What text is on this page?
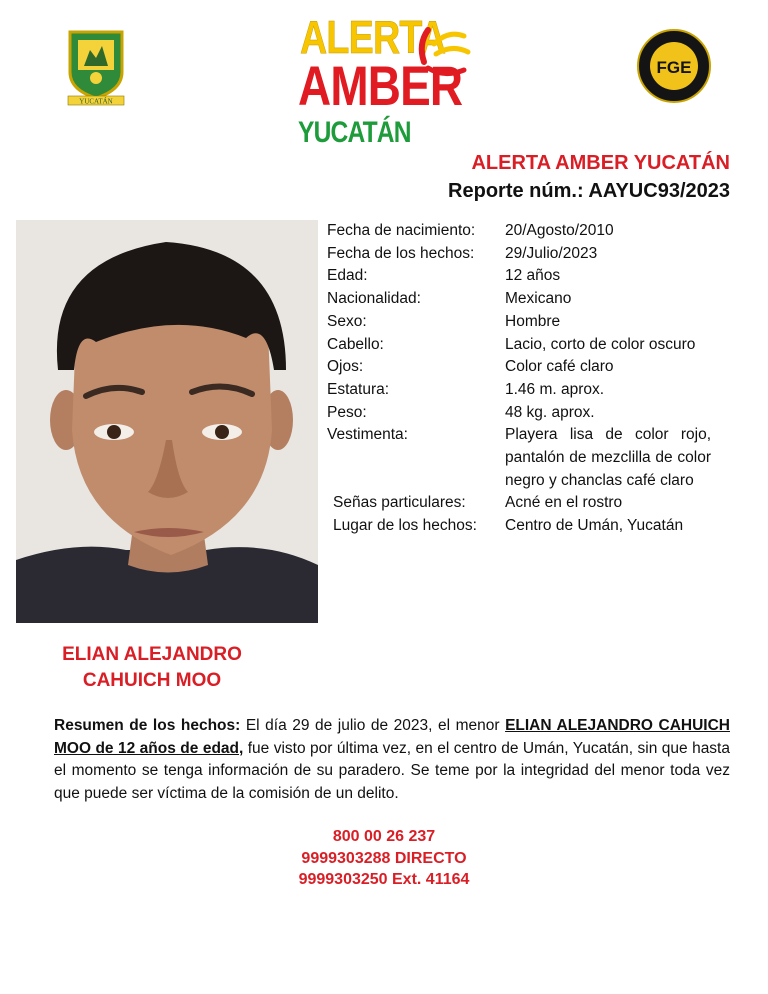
YUCATÁN
ALERTA
AMBER
YUCATÁN
FGE
ALERTA AMBER YUCATÁN
Reporte núm.: AAYUC93/2023
Fecha de nacimiento:	20/Agosto/2010
Fecha de los hechos:	29/Julio/2023
Edad:	12 años
Nacionalidad:	Mexicano
Sexo:	Hombre
Cabello:	Lacio, corto de color oscuro
Ojos:	Color café claro
Estatura:	1.46 m. aprox.
Peso:	48 kg. aprox.
Vestimenta:	Playera lisa de color rojo, pantalón de mezclilla de color negro y chanclas café claro
Señas particulares:	Acné en el rostro
Lugar de los hechos:	Centro de Umán, Yucatán
ELIAN ALEJANDRO
CAHUICH MOO
Resumen de los hechos: El día 29 de julio de 2023, el menor ELIAN ALEJANDRO CAHUICH MOO de 12 años de edad, fue visto por última vez, en el centro de Umán, Yucatán, sin que hasta el momento se tenga información de su paradero. Se teme por la integridad del menor toda vez que puede ser víctima de la comisión de un delito.
800 00 26 237
9999303288 DIRECTO
9999303250 Ext. 41164
